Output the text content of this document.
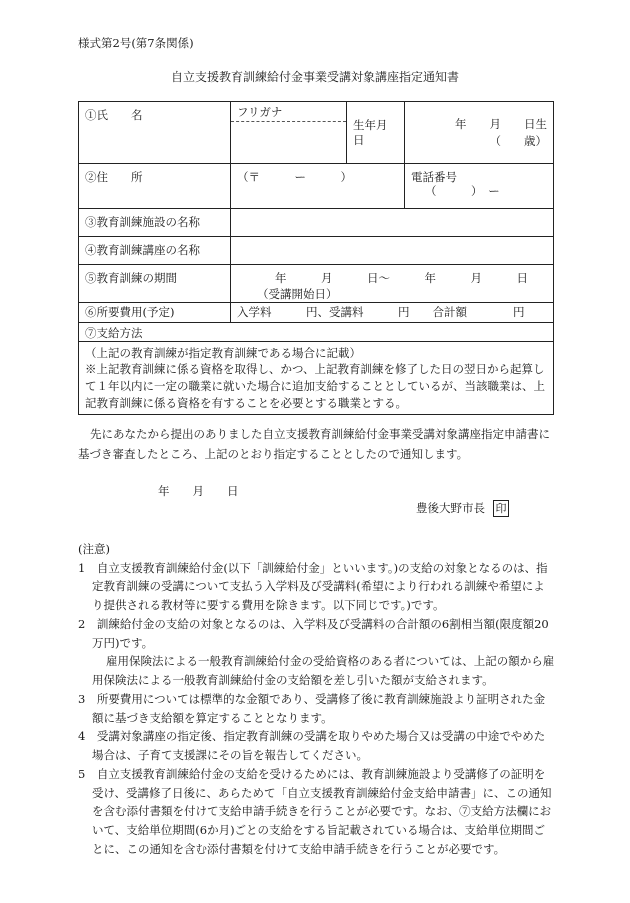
様式第2号(第7条関係)
自立支援教育訓練給付金事業受講対象講座指定通知書
①氏　　名	フリガナ	生年月日	年　　月　　日生
（　　歳）

②住　　所	（〒　　　ー　　　）		電話番号
（　　　）　ー

③教育訓練施設の名称			
④教育訓練講座の名称			
⑤教育訓練の期間	年　　　月　　　日～　　　年　　　月　　　日
（受講開始日）		

⑥所要費用(予定)	入学料　　　円、受講料　　　円　　合計額　　　　円		
⑦支給方法			

（上記の教育訓練が指定教育訓練である場合に記載）
※上記教育訓練に係る資格を取得し、かつ、上記教育訓練を修了した日の翌日から起算して１年以内に一定の職業に就いた場合に追加支給することとしているが、当該職業は、上記教育訓練に係る資格を有することを必要とする職業とする。			
先にあなたから提出のありました自立支援教育訓練給付金事業受講対象講座指定申請書に基づき審査したところ、上記のとおり指定することとしたので通知します。
年　　月　　日
豊後大野市長 印

(注意)

1　自立支援教育訓練給付金(以下「訓練給付金」といいます。)の支給の対象となるのは、指定教育訓練の受講について支払う入学料及び受講料(希望により行われる訓練や希望により提供される教材等に要する費用を除きます。以下同じです。)です。

2　訓練給付金の支給の対象となるのは、入学料及び受講料の合計額の6割相当額(限度額20万円)です。

雇用保険法による一般教育訓練給付金の受給資格のある者については、上記の額から雇用保険法による一般教育訓練給付金の支給額を差し引いた額が支給されます。

3　所要費用については標準的な金額であり、受講修了後に教育訓練施設より証明された金額に基づき支給額を算定することとなります。

4　受講対象講座の指定後、指定教育訓練の受講を取りやめた場合又は受講の中途でやめた場合は、子育て支援課にその旨を報告してください。

5　自立支援教育訓練給付金の支給を受けるためには、教育訓練施設より受講修了の証明を受け、受講修了日後に、あらためて「自立支援教育訓練給付金支給申請書」に、この通知を含む添付書類を付けて支給申請手続きを行うことが必要です。なお、⑦支給方法欄において、支給単位期間(6か月)ごとの支給をする旨記載されている場合は、支給単位期間ごとに、この通知を含む添付書類を付けて支給申請手続きを行うことが必要です。
